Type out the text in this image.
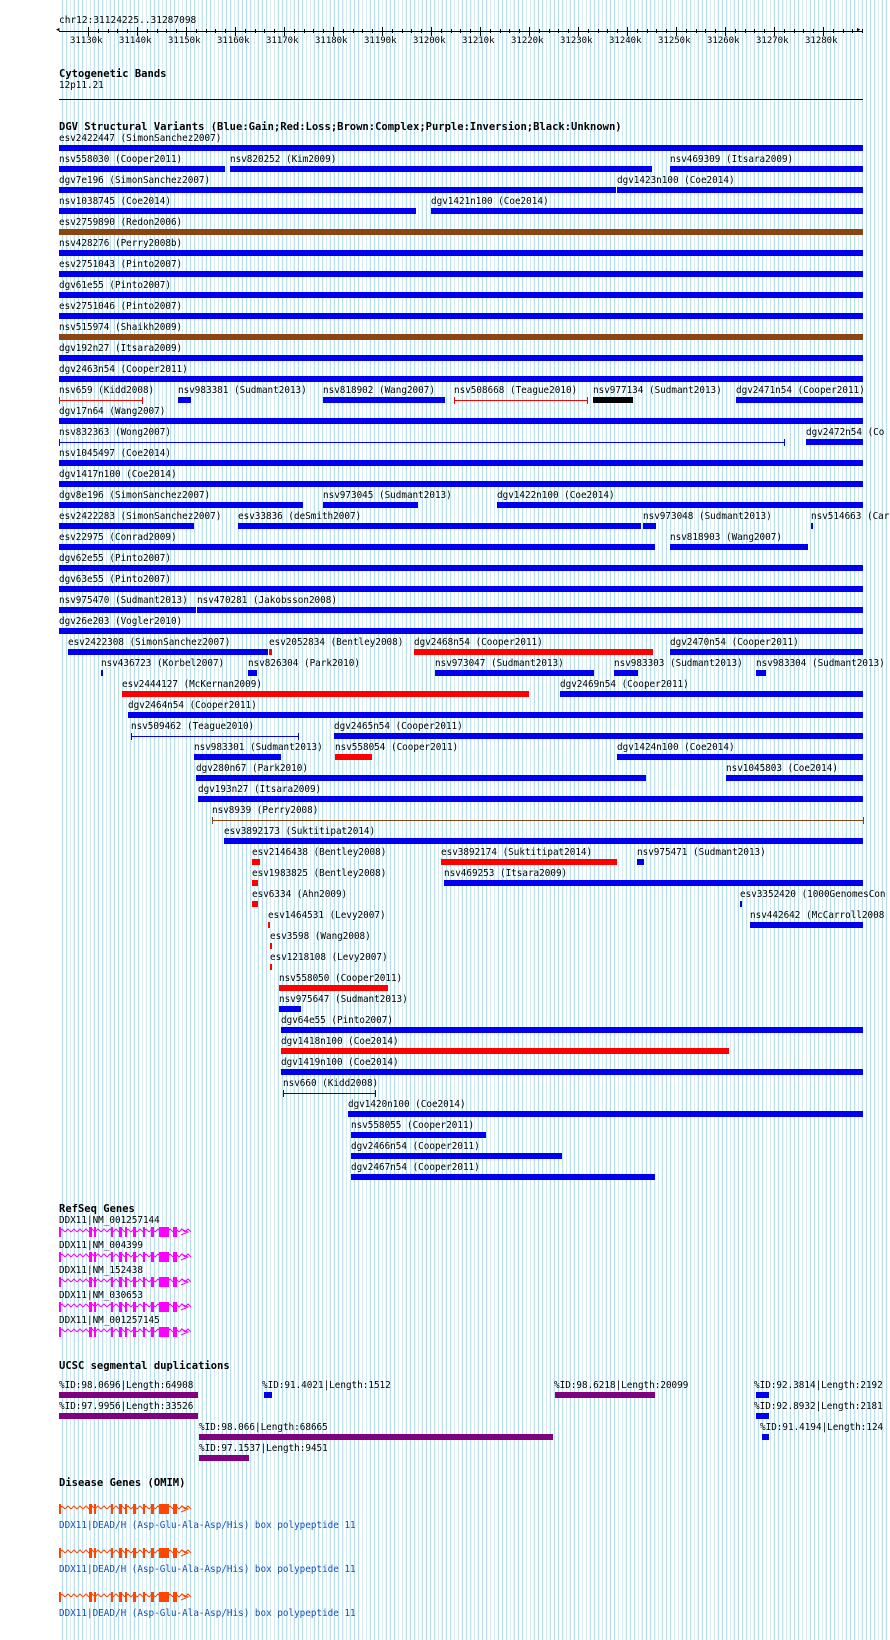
chr12:31124225..31287098
31130k 31140k 31150k 31160k 31170k 31180k 31190k 31200k 31210k 31220k 31230k 31240k 31250k 31260k 31270k 31280k
◂	▸
Cytogenetic Bands
12p11.21
DGV Structural Variants (Blue:Gain;Red:Loss;Brown:Complex;Purple:Inversion;Black:Unknown)
esv2422447 (SimonSanchez2007)
nsv558030 (Cooper2011)	nsv820252 (Kim2009)	nsv469309 (Itsara2009)
dgv7e196 (SimonSanchez2007)	dgv1423n100 (Coe2014)
nsv1038745 (Coe2014)	dgv1421n100 (Coe2014)
esv2759890 (Redon2006)
nsv428276 (Perry2008b)
esv2751043 (Pinto2007)
dgv61e55 (Pinto2007)
esv2751046 (Pinto2007)
nsv515974 (Shaikh2009)
dgv192n27 (Itsara2009)
dgv2463n54 (Cooper2011)
nsv659 (Kidd2008)	nsv983381 (Sudmant2013) nsv818902 (Wang2007) nsv508668 (Teague2010) nsv977134 (Sudmant2013) dgv2471n54 (Cooper2011)
dgv17n64 (Wang2007)
nsv832363 (Wong2007)	dgv2472n54 (Co
nsv1045497 (Coe2014)
dgv1417n100 (Coe2014)
dgv8e196 (SimonSanchez2007)	nsv973045 (Sudmant2013)	dgv1422n100 (Coe2014)
esv2422283 (SimonSanchez2007) esv33836 (deSmith2007)	nsv973048 (Sudmant2013)	nsv514663 (Car
esv22975 (Conrad2009)	nsv818903 (Wang2007)
dgv62e55 (Pinto2007)
dgv63e55 (Pinto2007)
nsv975470 (Sudmant2013) nsv470281 (Jakobsson2008)
dgv26e203 (Vogler2010)
esv2422308 (SimonSanchez2007)	esv2052834 (Bentley2008) dgv2468n54 (Cooper2011)	dgv2470n54 (Cooper2011)
nsv436723 (Korbel2007)	nsv826304 (Park2010)	nsv973047 (Sudmant2013)	nsv983303 (Sudmant2013) nsv983304 (Sudmant2013)
esv2444127 (McKernan2009)	dgv2469n54 (Cooper2011)
dgv2464n54 (Cooper2011)
nsv509462 (Teague2010)	dgv2465n54 (Cooper2011)
nsv983301 (Sudmant2013) nsv558054 (Cooper2011)	dgv1424n100 (Coe2014)
dgv280n67 (Park2010)	nsv1045803 (Coe2014)
dgv193n27 (Itsara2009)
nsv8939 (Perry2008)
esv3892173 (Suktitipat2014)
esv2146438 (Bentley2008)	esv3892174 (Suktitipat2014)	nsv975471 (Sudmant2013)
esv1983825 (Bentley2008)	nsv469253 (Itsara2009)
esv6334 (Ahn2009)	esv3352420 (1000GenomesCon
esv1464531 (Levy2007)	nsv442642 (McCarroll2008
esv3598 (Wang2008)
esv1218108 (Levy2007)
nsv558050 (Cooper2011)
nsv975647 (Sudmant2013)
dgv64e55 (Pinto2007)
dgv1418n100 (Coe2014)
dgv1419n100 (Coe2014)
nsv660 (Kidd2008)
dgv1420n100 (Coe2014)
nsv558055 (Cooper2011)
dgv2466n54 (Cooper2011)
dgv2467n54 (Cooper2011)
RefSeq Genes
DDX11|NM_001257144
DDX11|NM_004399
DDX11|NM_152438
DDX11|NM_030653
DDX11|NM_001257145
UCSC segmental duplications
%ID:98.0696|Length:64908	%ID:91.4021|Length:1512	%ID:98.6218|Length:20099	%ID:92.3814|Length:2192
%ID:97.9956|Length:33526	%ID:92.8932|Length:2181
%ID:98.066|Length:68665	%ID:91.4194|Length:124
%ID:97.1537|Length:9451
Disease Genes (OMIM)
DDX11|DEAD/H (Asp-Glu-Ala-Asp/His) box polypeptide 11
DDX11|DEAD/H (Asp-Glu-Ala-Asp/His) box polypeptide 11
DDX11|DEAD/H (Asp-Glu-Ala-Asp/His) box polypeptide 11
